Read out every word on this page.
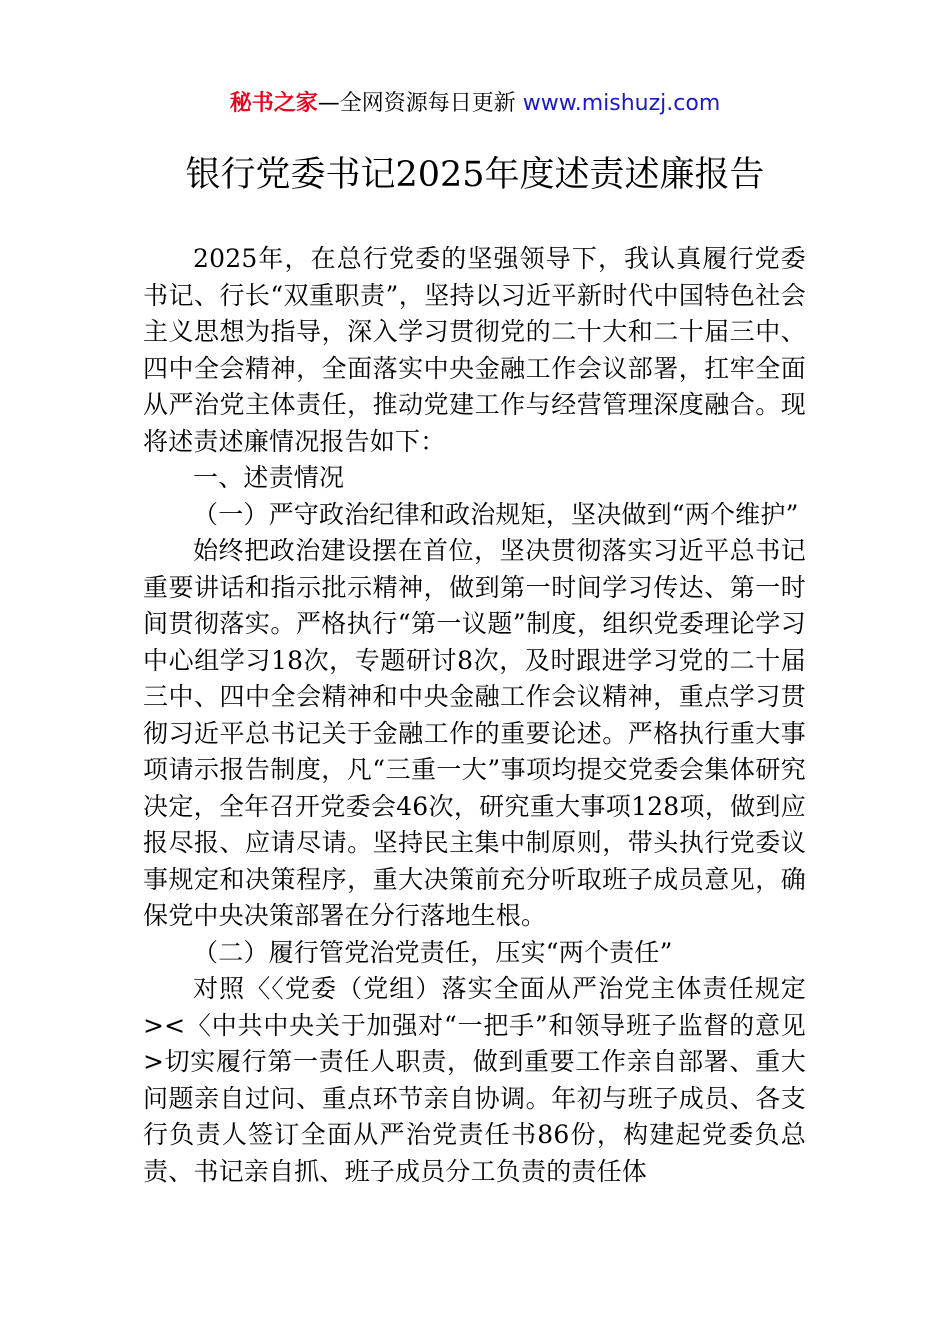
秘书之家—全网资源每日更新 www.mishuzj.com
银行党委书记2025年度述责述廉报告

2025年，在总行党委的坚强领导下，我认真履行党委书记、行长“双重职责”，坚持以习近平新时代中国特色社会主义思想为指导，深入学习贯彻党的二十大和二十届三中、四中全会精神，全面落实中央金融工作会议部署，扛牢全面从严治党主体责任，推动党建工作与经营管理深度融合。现将述责述廉情况报告如下：

一、述责情况

（一）严守政治纪律和政治规矩，坚决做到“两个维护”

始终把政治建设摆在首位，坚决贯彻落实习近平总书记重要讲话和指示批示精神，做到第一时间学习传达、第一时间贯彻落实。严格执行“第一议题”制度，组织党委理论学习中心组学习18次，专题研讨8次，及时跟进学习党的二十届三中、四中全会精神和中央金融工作会议精神，重点学习贯彻习近平总书记关于金融工作的重要论述。严格执行重大事项请示报告制度，凡“三重一大”事项均提交党委会集体研究决定，全年召开党委会46次，研究重大事项128项，做到应报尽报、应请尽请。坚持民主集中制原则，带头执行党委议事规定和决策程序，重大决策前充分听取班子成员意见，确保党中央决策部署在分行落地生根。

（二）履行管党治党责任，压实“两个责任”

对照〈〈党委（党组）落实全面从严治党主体责任规定><〈中共中央关于加强对“一把手”和领导班子监督的意见>切实履行第一责任人职责，做到重要工作亲自部署、重大问题亲自过问、重点环节亲自协调。年初与班子成员、各支行负责人签订全面从严治党责任书86份，构建起党委负总责、书记亲自抓、班子成员分工负责的责任体
